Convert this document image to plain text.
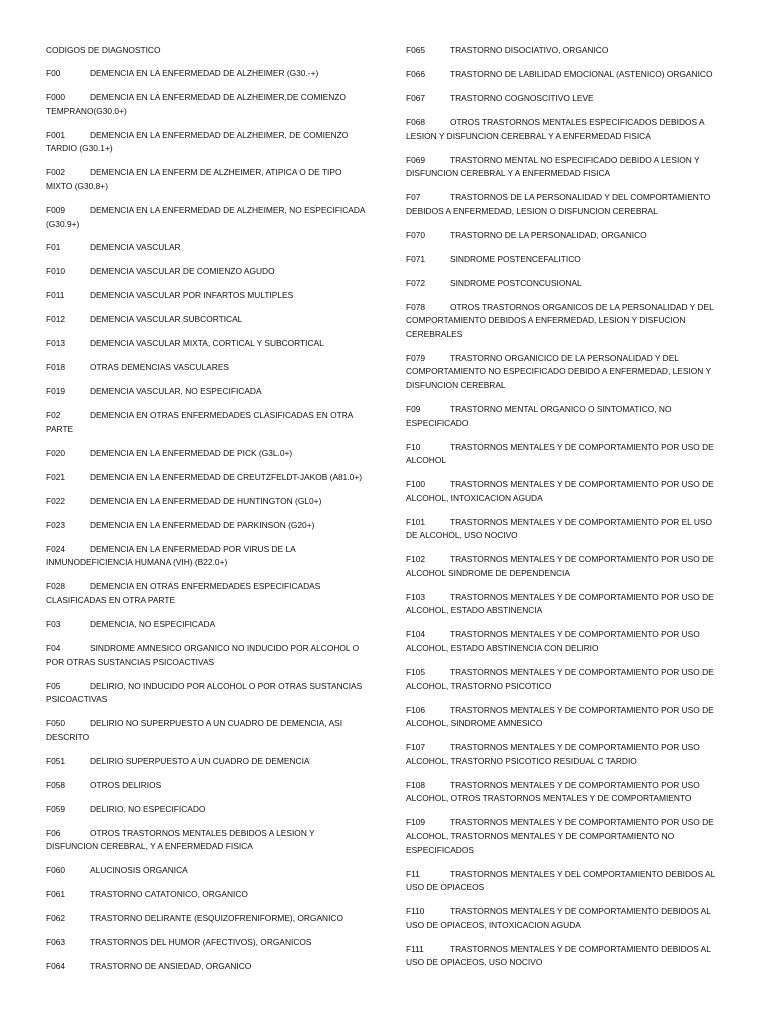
CODIGOS DE DIAGNOSTICO
F00	DEMENCIA EN LA ENFERMEDAD DE ALZHEIMER (G30.-+)
F000	DEMENCIA EN LA ENFERMEDAD DE ALZHEIMER,DE COMIENZO TEMPRANO(G30.0+)
F001	DEMENCIA EN LA ENFERMEDAD DE ALZHEIMER, DE COMIENZO TARDIO (G30.1+)
F002	DEMENCIA EN LA ENFERM DE ALZHEIMER, ATIPICA O DE TIPO MIXTO (G30.8+)
F009	DEMENCIA EN LA ENFERMEDAD DE ALZHEIMER, NO ESPECIFICADA (G30.9+)
F01	DEMENCIA VASCULAR
F010	DEMENCIA VASCULAR DE COMIENZO AGUDO
F011	DEMENCIA VASCULAR POR INFARTOS MULTIPLES
F012	DEMENCIA VASCULAR SUBCORTICAL
F013	DEMENCIA VASCULAR MIXTA, CORTICAL Y SUBCORTICAL
F018	OTRAS DEMENCIAS VASCULARES
F019	DEMENCIA VASCULAR, NO ESPECIFICADA
F02	DEMENCIA EN OTRAS ENFERMEDADES CLASIFICADAS EN OTRA PARTE
F020	DEMENCIA EN LA ENFERMEDAD DE PICK (G3L.0+)
F021	DEMENCIA EN LA ENFERMEDAD DE CREUTZFELDT-JAKOB (A81.0+)
F022	DEMENCIA EN LA ENFERMEDAD DE HUNTINGTON (GL0+)
F023	DEMENCIA EN LA ENFERMEDAD DE PARKINSON (G20+)
F024	DEMENCIA EN LA ENFERMEDAD POR VIRUS DE LA INMUNODEFICIENCIA HUMANA (VIH) (B22.0+)
F028	DEMENCIA EN OTRAS ENFERMEDADES ESPECIFICADAS CLASIFICADAS EN OTRA PARTE
F03	DEMENCIA, NO ESPECIFICADA
F04	SINDROME AMNESICO ORGANICO NO INDUCIDO POR ALCOHOL O POR OTRAS SUSTANCIAS PSICOACTIVAS
F05	DELIRIO, NO INDUCIDO POR ALCOHOL O POR OTRAS SUSTANCIAS PSICOACTIVAS
F050	DELIRIO NO SUPERPUESTO A UN CUADRO DE DEMENCIA, ASI DESCRITO
F051	DELIRIO SUPERPUESTO A UN CUADRO DE DEMENCIA
F058	OTROS DELIRIOS
F059	DELIRIO, NO ESPECIFICADO
F06	OTROS TRASTORNOS MENTALES DEBIDOS A LESION Y DISFUNCION CEREBRAL, Y A ENFERMEDAD FISICA
F060	ALUCINOSIS ORGANICA
F061	TRASTORNO CATATONICO, ORGANICO
F062	TRASTORNO DELIRANTE (ESQUIZOFRENIFORME), ORGANICO
F063	TRASTORNOS DEL HUMOR (AFECTIVOS), ORGANICOS
F064	TRASTORNO DE ANSIEDAD, ORGANICO
F065	TRASTORNO DISOCIATIVO, ORGANICO
F066	TRASTORNO DE LABILIDAD EMOCIONAL (ASTENICO) ORGANICO
F067	TRASTORNO COGNOSCITIVO LEVE
F068	OTROS TRASTORNOS MENTALES ESPECIFICADOS DEBIDOS A LESION Y DISFUNCION CEREBRAL Y A ENFERMEDAD FISICA
F069	TRASTORNO MENTAL NO ESPECIFICADO DEBIDO A LESION Y DISFUNCION CEREBRAL Y A ENFERMEDAD FISICA
F07	TRASTORNOS DE LA PERSONALIDAD Y DEL COMPORTAMIENTO DEBIDOS A ENFERMEDAD, LESION O DISFUNCION CEREBRAL
F070	TRASTORNO DE LA PERSONALIDAD, ORGANICO
F071	SINDROME POSTENCEFALITICO
F072	SINDROME POSTCONCUSIONAL
F078	OTROS TRASTORNOS ORGANICOS DE LA PERSONALIDAD Y DEL COMPORTAMIENTO DEBIDOS A ENFERMEDAD, LESION Y DISFUCION CEREBRALES
F079	TRASTORNO ORGANICICO DE LA PERSONALIDAD Y DEL COMPORTAMIENTO NO ESPECIFICADO DEBIDO A ENFERMEDAD, LESION Y DISFUNCION CEREBRAL
F09	TRASTORNO MENTAL ORGANICO O SINTOMATICO, NO ESPECIFICADO
F10	TRASTORNOS MENTALES Y DE COMPORTAMIENTO POR USO DE ALCOHOL
F100	TRASTORNOS MENTALES Y DE COMPORTAMIENTO POR USO DE ALCOHOL, INTOXICACION AGUDA
F101	TRASTORNOS MENTALES Y DE COMPORTAMIENTO POR EL USO DE ALCOHOL, USO NOCIVO
F102	TRASTORNOS MENTALES Y DE COMPORTAMIENTO POR USO DE ALCOHOL SINDROME DE DEPENDENCIA
F103	TRASTORNOS MENTALES Y DE COMPORTAMIENTO POR USO DE ALCOHOL, ESTADO ABSTINENCIA
F104	TRASTORNOS MENTALES Y DE COMPORTAMIENTO POR USO ALCOHOL, ESTADO ABSTINENCIA CON DELIRIO
F105	TRASTORNOS MENTALES Y DE COMPORTAMIENTO POR USO DE ALCOHOL, TRASTORNO PSICOTICO
F106	TRASTORNOS MENTALES Y DE COMPORTAMIENTO POR USO DE ALCOHOL, SINDROME AMNESICO
F107	TRASTORNOS MENTALES Y DE COMPORTAMIENTO POR USO ALCOHOL, TRASTORNO PSICOTICO RESIDUAL C TARDIO
F108	TRASTORNOS MENTALES Y DE COMPORTAMIENTO POR USO ALCOHOL, OTROS TRASTORNOS MENTALES Y DE COMPORTAMIENTO
F109	TRASTORNOS MENTALES Y DE COMPORTAMIENTO POR USO DE ALCOHOL, TRASTORNOS MENTALES Y DE COMPORTAMIENTO NO ESPECIFICADOS
F11	TRASTORNOS MENTALES Y DEL COMPORTAMIENTO DEBIDOS AL USO DE OPIACEOS
F110	TRASTORNOS MENTALES Y DE COMPORTAMIENTO DEBIDOS AL USO DE OPIACEOS, INTOXICACION AGUDA
F111	TRASTORNOS MENTALES Y DE COMPORTAMIENTO DEBIDOS AL USO DE OPIACEOS, USO NOCIVO
